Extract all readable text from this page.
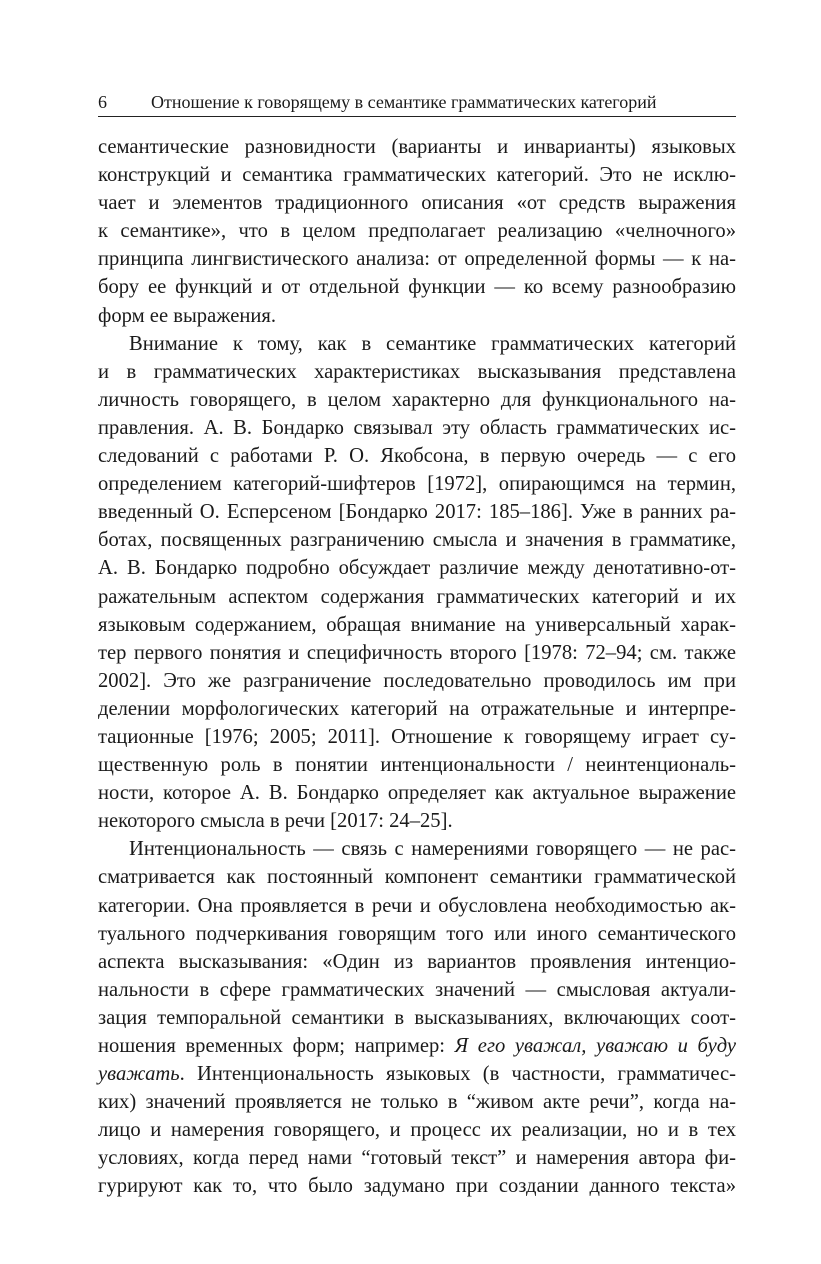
6 Отношение к говорящему в семантике грамматических категорий
семантические разновидности (варианты и инварианты) языковых
конструкций и семантика грамматических категорий. Это не исклю-
чает и элементов традиционного описания «от средств выражения
к семантике», что в целом предполагает реализацию «челночного»
принципа лингвистического анализа: от определенной формы — к на-
бору ее функций и от отдельной функции — ко всему разнообразию
форм ее выражения.
Внимание к тому, как в семантике грамматических категорий
и в грамматических характеристиках высказывания представлена
личность говорящего, в целом характерно для функционального на-
правления. А. В. Бондарко связывал эту область грамматических ис-
следований с работами Р. О. Якобсона, в первую очередь — с его
определением категорий-шифтеров [1972], опирающимся на термин,
введенный О. Есперсеном [Бондарко 2017: 185–186]. Уже в ранних ра-
ботах, посвященных разграничению смысла и значения в грамматике,
А. В. Бондарко подробно обсуждает различие между денотативно-от-
ражательным аспектом содержания грамматических категорий и их
языковым содержанием, обращая внимание на универсальный харак-
тер первого понятия и специфичность второго [1978: 72–94; см. также
2002]. Это же разграничение последовательно проводилось им при
делении морфологических категорий на отражательные и интерпре-
тационные [1976; 2005; 2011]. Отношение к говорящему играет су-
щественную роль в понятии интенциональности / неинтенциональ-
ности, которое А. В. Бондарко определяет как актуальное выражение
некоторого смысла в речи [2017: 24–25].
Интенциональность — связь с намерениями говорящего — не рас-
сматривается как постоянный компонент семантики грамматической
категории. Она проявляется в речи и обусловлена необходимостью ак-
туального подчеркивания говорящим того или иного семантического
аспекта высказывания: «Один из вариантов проявления интенцио-
нальности в сфере грамматических значений — смысловая актуали-
зация темпоральной семантики в высказываниях, включающих соот-
ношения временных форм; например: Я его уважал, уважаю и буду
уважать. Интенциональность языковых (в частности, грамматичес-
ких) значений проявляется не только в “живом акте речи”, когда на-
лицо и намерения говорящего, и процесс их реализации, но и в тех
условиях, когда перед нами “готовый текст” и намерения автора фи-
гурируют как то, что было задумано при создании данного текста»
